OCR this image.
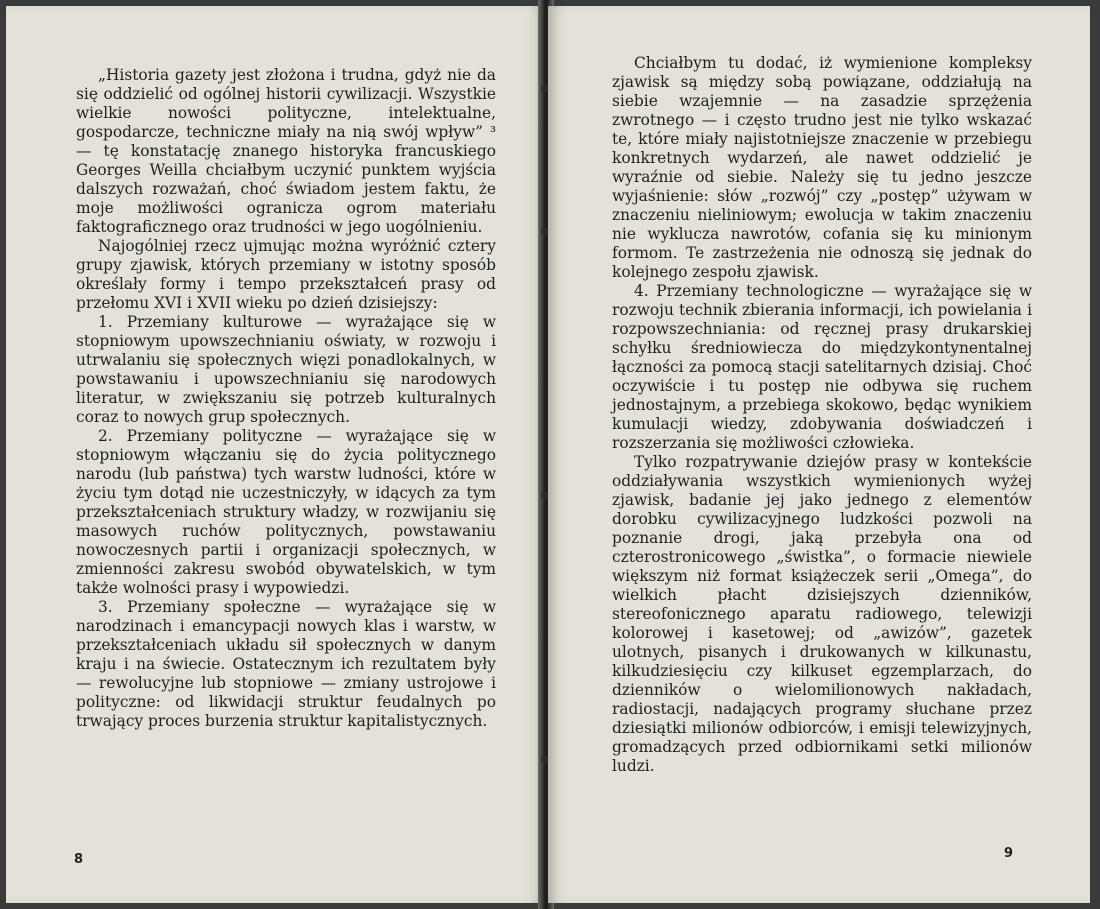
„Historia gazety jest złożona i trudna, gdyż nie da się oddzielić od ogólnej historii cywilizacji. Wszystkie wielkie nowości polityczne, intelektualne, gospodarcze, techniczne miały na nią swój wpływ” ³ — tę konstatację znanego historyka francuskiego Georges Weilla chciałbym uczynić punktem wyjścia dalszych rozważań, choć świadom jestem faktu, że moje możliwości ogranicza ogrom materiału faktograficznego oraz trudności w jego uogólnieniu.

Najogólniej rzecz ujmując można wyróżnić cztery grupy zjawisk, których przemiany w istotny sposób określały formy i tempo przekształceń prasy od przełomu XVI i XVII wieku po dzień dzisiejszy:

1. Przemiany kulturowe — wyrażające się w stopniowym upowszechnianiu oświaty, w rozwoju i utrwalaniu się społecznych więzi ponadlokalnych, w powstawaniu i upowszechnianiu się narodowych literatur, w zwiększaniu się potrzeb kulturalnych coraz to nowych grup społecznych.

2. Przemiany polityczne — wyrażające się w stopniowym włączaniu się do życia politycznego narodu (lub państwa) tych warstw ludności, które w życiu tym dotąd nie uczestniczyły, w idących za tym przekształceniach struktury władzy, w rozwijaniu się masowych ruchów politycznych, powstawaniu nowoczesnych partii i organizacji społecznych, w zmienności zakresu swobód obywatelskich, w tym także wolności prasy i wypowiedzi.

3. Przemiany społeczne — wyrażające się w narodzinach i emancypacji nowych klas i warstw, w przekształceniach układu sił społecznych w danym kraju i na świecie. Ostatecznym ich rezultatem były — rewolucyjne lub stopniowe — zmiany ustrojowe i polityczne: od likwidacji struktur feudalnych po trwający proces burzenia struktur kapitalistycznych.

8

Chciałbym tu dodać, iż wymienione kompleksy zjawisk są między sobą powiązane, oddziałują na siebie wzajemnie — na zasadzie sprzężenia zwrotnego — i często trudno jest nie tylko wskazać te, które miały najistotniejsze znaczenie w przebiegu konkretnych wydarzeń, ale nawet oddzielić je wyraźnie od siebie. Należy się tu jedno jeszcze wyjaśnienie: słów „rozwój” czy „postęp” używam w znaczeniu nieliniowym; ewolucja w takim znaczeniu nie wyklucza nawrotów, cofania się ku minionym formom. Te zastrzeżenia nie odnoszą się jednak do kolejnego zespołu zjawisk.

4. Przemiany technologiczne — wyrażające się w rozwoju technik zbierania informacji, ich powielania i rozpowszechniania: od ręcznej prasy drukarskiej schyłku średniowiecza do międzykontynentalnej łączności za pomocą stacji satelitarnych dzisiaj. Choć oczywiście i tu postęp nie odbywa się ruchem jednostajnym, a przebiega skokowo, będąc wynikiem kumulacji wiedzy, zdobywania doświadczeń i rozszerzania się możliwości człowieka.

Tylko rozpatrywanie dziejów prasy w kontekście oddziaływania wszystkich wymienionych wyżej zjawisk, badanie jej jako jednego z elementów dorobku cywilizacyjnego ludzkości pozwoli na poznanie drogi, jaką przebyła ona od czterostronicowego „świstka”, o formacie niewiele większym niż format książeczek serii „Omega”, do wielkich płacht dzisiejszych dzienników, stereofonicznego aparatu radiowego, telewizji kolorowej i kasetowej; od „awizów”, gazetek ulotnych, pisanych i drukowanych w kilkunastu, kilkudziesięciu czy kilkuset egzemplarzach, do dzienników o wielomilionowych nakładach, radiostacji, nadających programy słuchane przez dziesiątki milionów odbiorców, i emisji telewizyjnych, gromadzących przed odbiornikami setki milionów ludzi.

9
